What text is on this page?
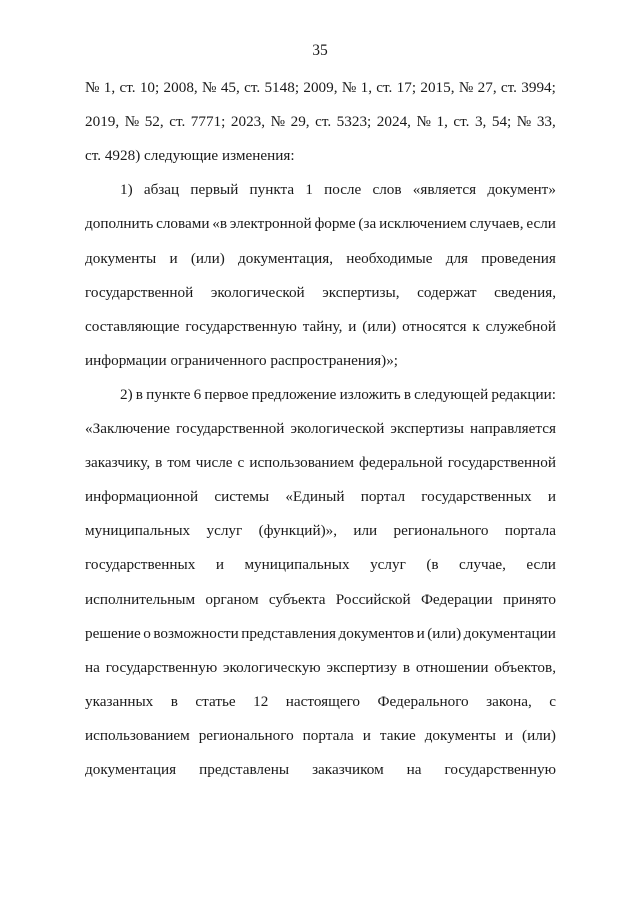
35
№ 1, ст. 10; 2008, № 45, ст. 5148; 2009, № 1, ст. 17; 2015, № 27, ст. 3994;
2019, № 52, ст. 7771; 2023, № 29, ст. 5323; 2024, № 1, ст. 3, 54; № 33,
ст. 4928) следующие изменения:
1) абзац первый пункта 1 после слов «является документ»
дополнить словами «в электронной форме (за исключением случаев, если
документы и (или) документация, необходимые для проведения
государственной экологической экспертизы, содержат сведения,
составляющие государственную тайну, и (или) относятся к служебной
информации ограниченного распространения)»;
2) в пункте 6 первое предложение изложить в следующей редакции:
«Заключение государственной экологической экспертизы направляется
заказчику, в том числе с использованием федеральной государственной
информационной системы «Единый портал государственных и
муниципальных услуг (функций)», или регионального портала
государственных и муниципальных услуг (в случае, если
исполнительным органом субъекта Российской Федерации принято
решение о возможности представления документов и (или) документации
на государственную экологическую экспертизу в отношении объектов,
указанных в статье 12 настоящего Федерального закона, с
использованием регионального портала и такие документы и (или)
документация представлены заказчиком на государственную
